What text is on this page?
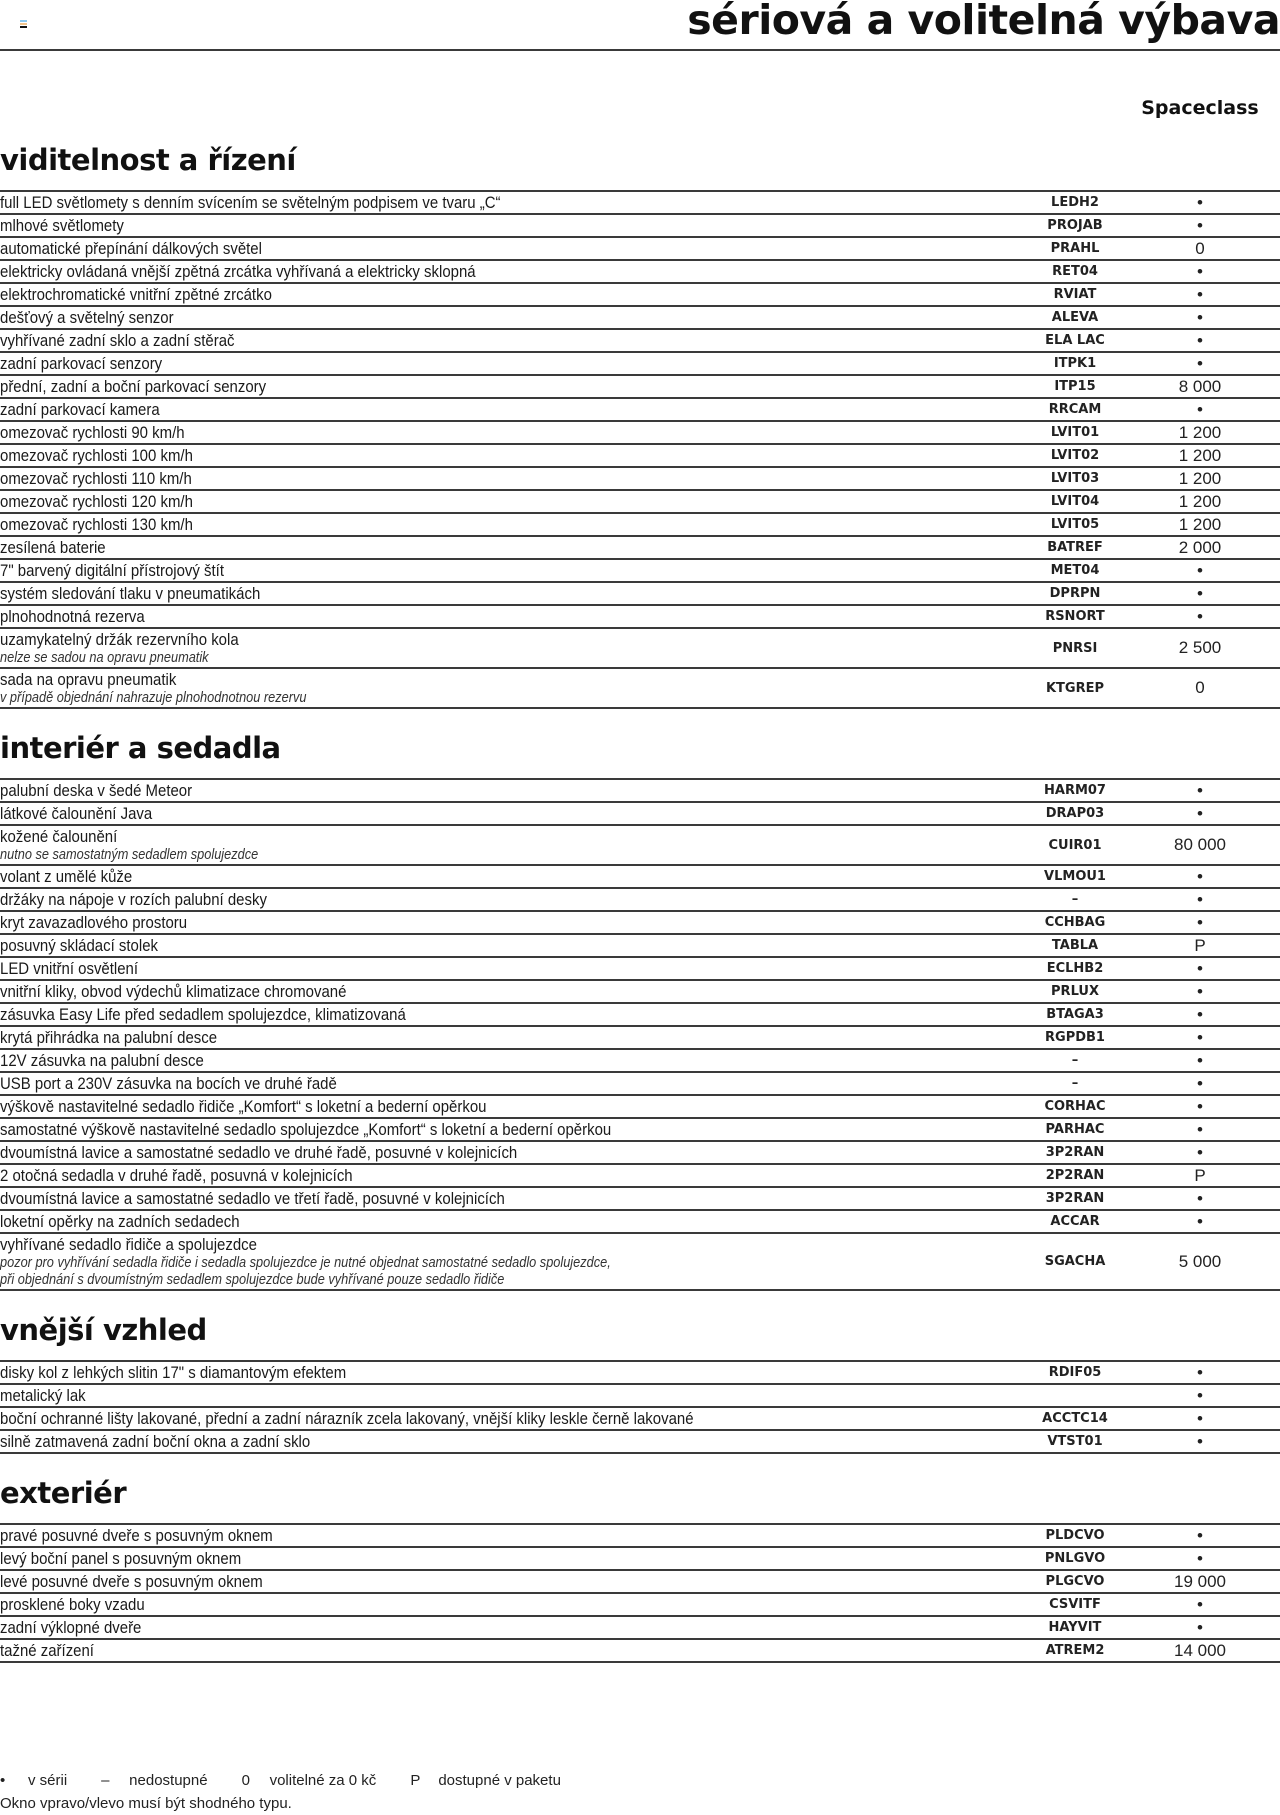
sériová a volitelná výbava
Spaceclass
viditelnost a řízení
full LED světlomety s denním svícením se světelným podpisem ve tvaru „C“	LEDH2	•
mlhové světlomety	PROJAB	•
automatické přepínání dálkových světel	PRAHL	0
elektricky ovládaná vnější zpětná zrcátka vyhřívaná a elektricky sklopná	RET04	•
elektrochromatické vnitřní zpětné zrcátko	RVIAT	•
dešťový a světelný senzor	ALEVA	•
vyhřívané zadní sklo a zadní stěrač	ELA LAC	•
zadní parkovací senzory	ITPK1	•
přední, zadní a boční parkovací senzory	ITP15	8 000
zadní parkovací kamera	RRCAM	•
omezovač rychlosti 90 km/h	LVIT01	1 200
omezovač rychlosti 100 km/h	LVIT02	1 200
omezovač rychlosti 110 km/h	LVIT03	1 200
omezovač rychlosti 120 km/h	LVIT04	1 200
omezovač rychlosti 130 km/h	LVIT05	1 200
zesílená baterie	BATREF	2 000
7" barvený digitální přístrojový štít	MET04	•
systém sledování tlaku v pneumatikách	DPRPN	•
plnohodnotná rezerva	RSNORT	•
uzamykatelný držák rezervního kola
nelze se sadou na opravu pneumatik
PNRSI	2 500
sada na opravu pneumatik
v případě objednání nahrazuje plnohodnotnou rezervu
KTGREP	0
interiér a sedadla
palubní deska v šedé Meteor	HARM07	•
látkové čalounění Java	DRAP03	•
kožené čalounění
nutno se samostatným sedadlem spolujezdce
CUIR01	80 000
volant z umělé kůže	VLMOU1	•
držáky na nápoje v rozích palubní desky	–	•
kryt zavazadlového prostoru	CCHBAG	•
posuvný skládací stolek	TABLA	P
LED vnitřní osvětlení	ECLHB2	•
vnitřní kliky, obvod výdechů klimatizace chromované	PRLUX	•
zásuvka Easy Life před sedadlem spolujezdce, klimatizovaná	BTAGA3	•
krytá přihrádka na palubní desce	RGPDB1	•
12V zásuvka na palubní desce	–	•
USB port a 230V zásuvka na bocích ve druhé řadě	–	•
výškově nastavitelné sedadlo řidiče „Komfort“ s loketní a bederní opěrkou	CORHAC	•
samostatné výškově nastavitelné sedadlo spolujezdce „Komfort“ s loketní a bederní opěrkou	PARHAC	•
dvoumístná lavice a samostatné sedadlo ve druhé řadě, posuvné v kolejnicích	3P2RAN	•
2 otočná sedadla v druhé řadě, posuvná v kolejnicích	2P2RAN	P
dvoumístná lavice a samostatné sedadlo ve třetí řadě, posuvné v kolejnicích	3P2RAN	•
loketní opěrky na zadních sedadech	ACCAR	•
vyhřívané sedadlo řidiče a spolujezdce
pozor pro vyhřívání sedadla řidiče i sedadla spolujezdce je nutné objednat samostatné sedadlo spolujezdce,
při objednání s dvoumístným sedadlem spolujezdce bude vyhřívané pouze sedadlo řidiče
SGACHA	5 000
vnější vzhled
disky kol z lehkých slitin 17" s diamantovým efektem	RDIF05	•
metalický lak	•
boční ochranné lišty lakované, přední a zadní nárazník zcela lakovaný, vnější kliky leskle černě lakované	ACCTC14	•
silně zatmavená zadní boční okna a zadní sklo	VTST01	•
exteriér
pravé posuvné dveře s posuvným oknem	PLDCVO	•
levý boční panel s posuvným oknem	PNLGVO	•
levé posuvné dveře s posuvným oknem	PLGCVO	19 000
prosklené boky vzadu	CSVITF	•
zadní výklopné dveře	HAYVIT	•
tažné zařízení	ATREM2	14 000
• v sérii – nedostupné 0 volitelné za 0 kč P dostupné v paketu
Okno vpravo/vlevo musí být shodného typu.
